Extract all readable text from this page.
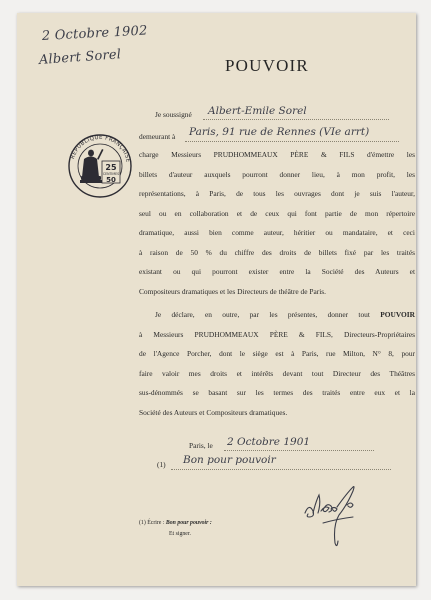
2 Octobre 1902
Albert Sorel	POUVOIR
RÉPUBLIQUE FRANÇAISE
25
CENTIMES
50
Je soussigné	Albert-Emile Sorel
demeurant à	Paris, 91 rue de Rennes (VIe arrt)
charge Messieurs PRUDHOMMEAUX PÈRE & FILS d'émettre les
billets d'auteur auxquels pourront donner lieu, à mon profit, les
représentations, à Paris, de tous les ouvrages dont je suis l'auteur,
seul ou en collaboration et de ceux qui font partie de mon répertoire
dramatique, aussi bien comme auteur, héritier ou mandataire, et ceci
à raison de 50 % du chiffre des droits de billets fixé par les traités
existant ou qui pourront exister entre la Société des Auteurs et
Compositeurs dramatiques et les Directeurs de théâtre de Paris.
Je déclare, en outre, par les présentes, donner tout POUVOIR
à Messieurs PRUDHOMMEAUX PÈRE & FILS, Directeurs-Propriétaires
de l'Agence Porcher, dont le siège est à Paris, rue Milton, N° 8, pour
faire valoir mes droits et intérêts devant tout Directeur des Théâtres
sus-dénommés se basant sur les termes des traités entre eux et la
Société des Auteurs et Compositeurs dramatiques.
Paris, le	2 Octobre 1901
(1)	Bon pour pouvoir
(1) Écrire : Bon pour pouvoir :
Et signer.
